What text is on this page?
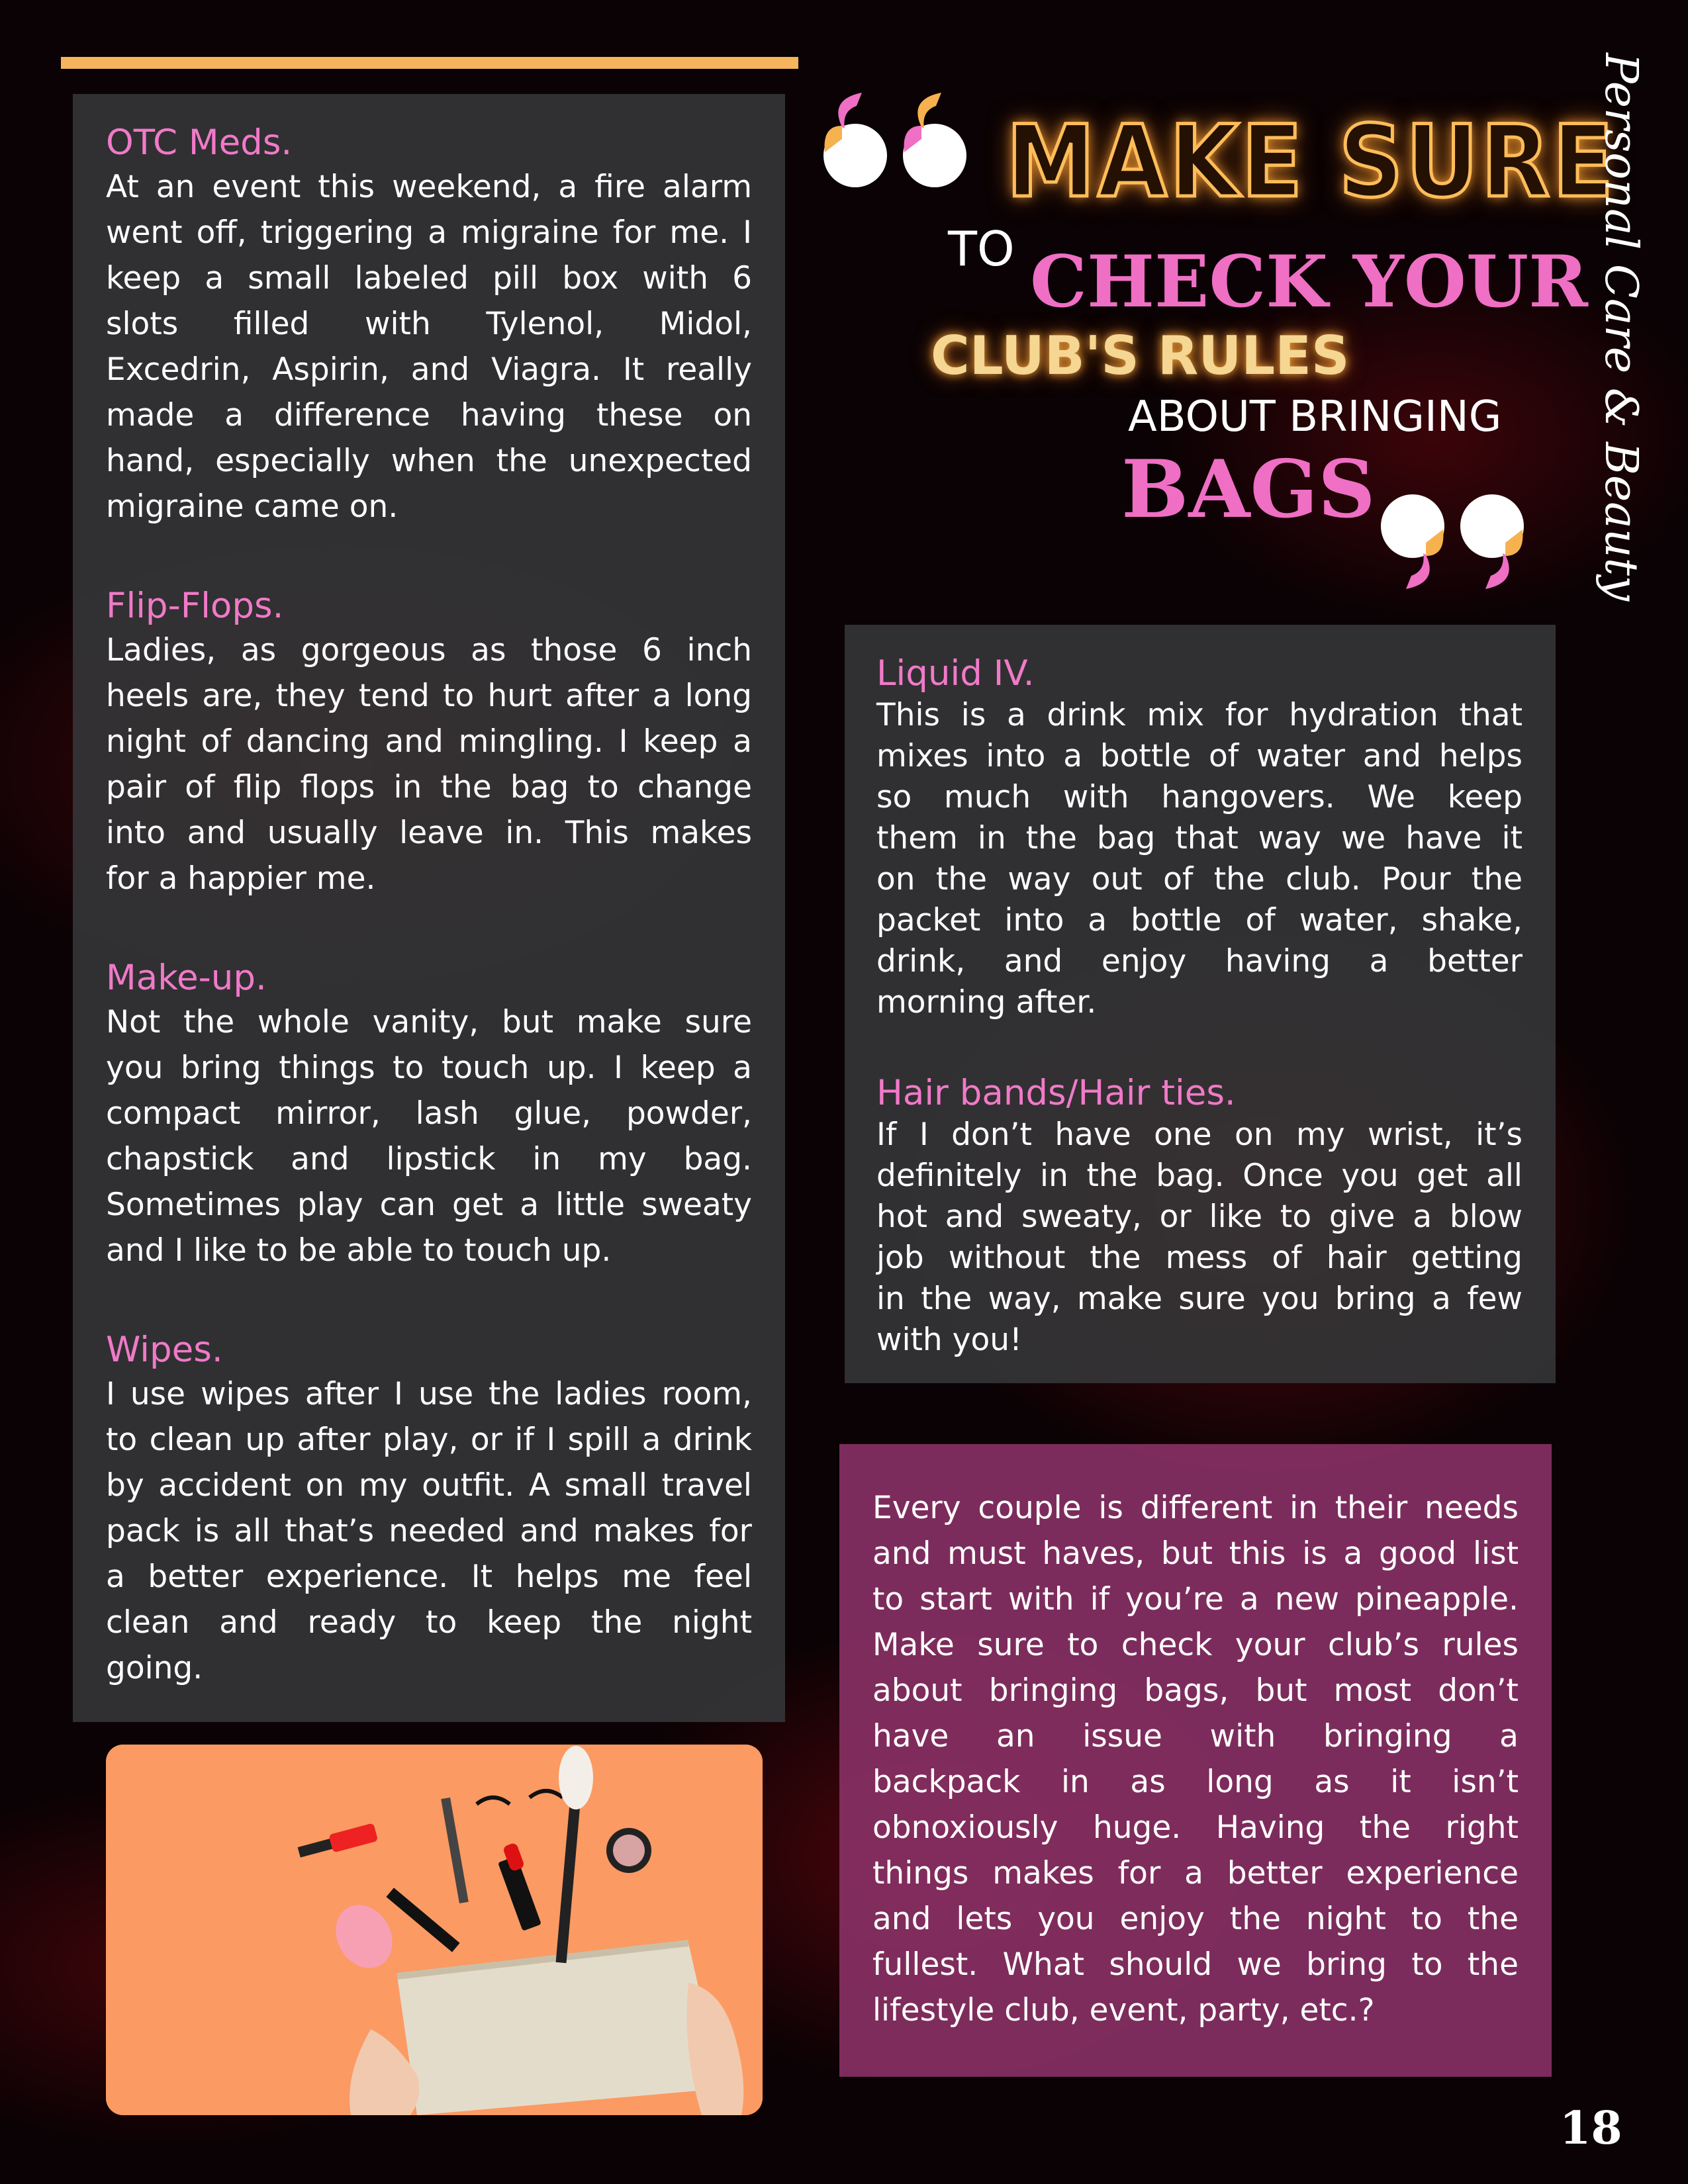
OTC Meds.
At an event this weekend, a fire alarm
went off, triggering a migraine for me. I
keep a small labeled pill box with 6
slots filled with Tylenol, Midol,
Excedrin, Aspirin, and Viagra. It really
made a difference having these on
hand, especially when the unexpected
migraine came on.
Flip-Flops.
Ladies, as gorgeous as those 6 inch
heels are, they tend to hurt after a long
night of dancing and mingling. I keep a
pair of flip flops in the bag to change
into and usually leave in. This makes
for a happier me.
Make-up.
Not the whole vanity, but make sure
you bring things to touch up. I keep a
compact mirror, lash glue, powder,
chapstick and lipstick in my bag.
Sometimes play can get a little sweaty
and I like to be able to touch up.
Wipes.
I use wipes after I use the ladies room,
to clean up after play, or if I spill a drink
by accident on my outfit. A small travel
pack is all that’s needed and makes for
a better experience. It helps me feel
clean and ready to keep the night
going.
MAKE SURE
TO CHECK YOUR
CLUB'S RULES
ABOUT BRINGING
BAGS
Liquid IV.
This is a drink mix for hydration that
mixes into a bottle of water and helps
so much with hangovers. We keep
them in the bag that way we have it
on the way out of the club. Pour the
packet into a bottle of water, shake,
drink, and enjoy having a better
morning after.
Hair bands/Hair ties.
If I don’t have one on my wrist, it’s
definitely in the bag. Once you get all
hot and sweaty, or like to give a blow
job without the mess of hair getting
in the way, make sure you bring a few
with you!
Every couple is different in their needs
and must haves, but this is a good list
to start with if you’re a new pineapple.
Make sure to check your club’s rules
about bringing bags, but most don’t
have an issue with bringing a
backpack in as long as it isn’t
obnoxiously huge. Having the right
things makes for a better experience
and lets you enjoy the night to the
fullest. What should we bring to the
lifestyle club, event, party, etc.?
Personal Care & Beauty
18
